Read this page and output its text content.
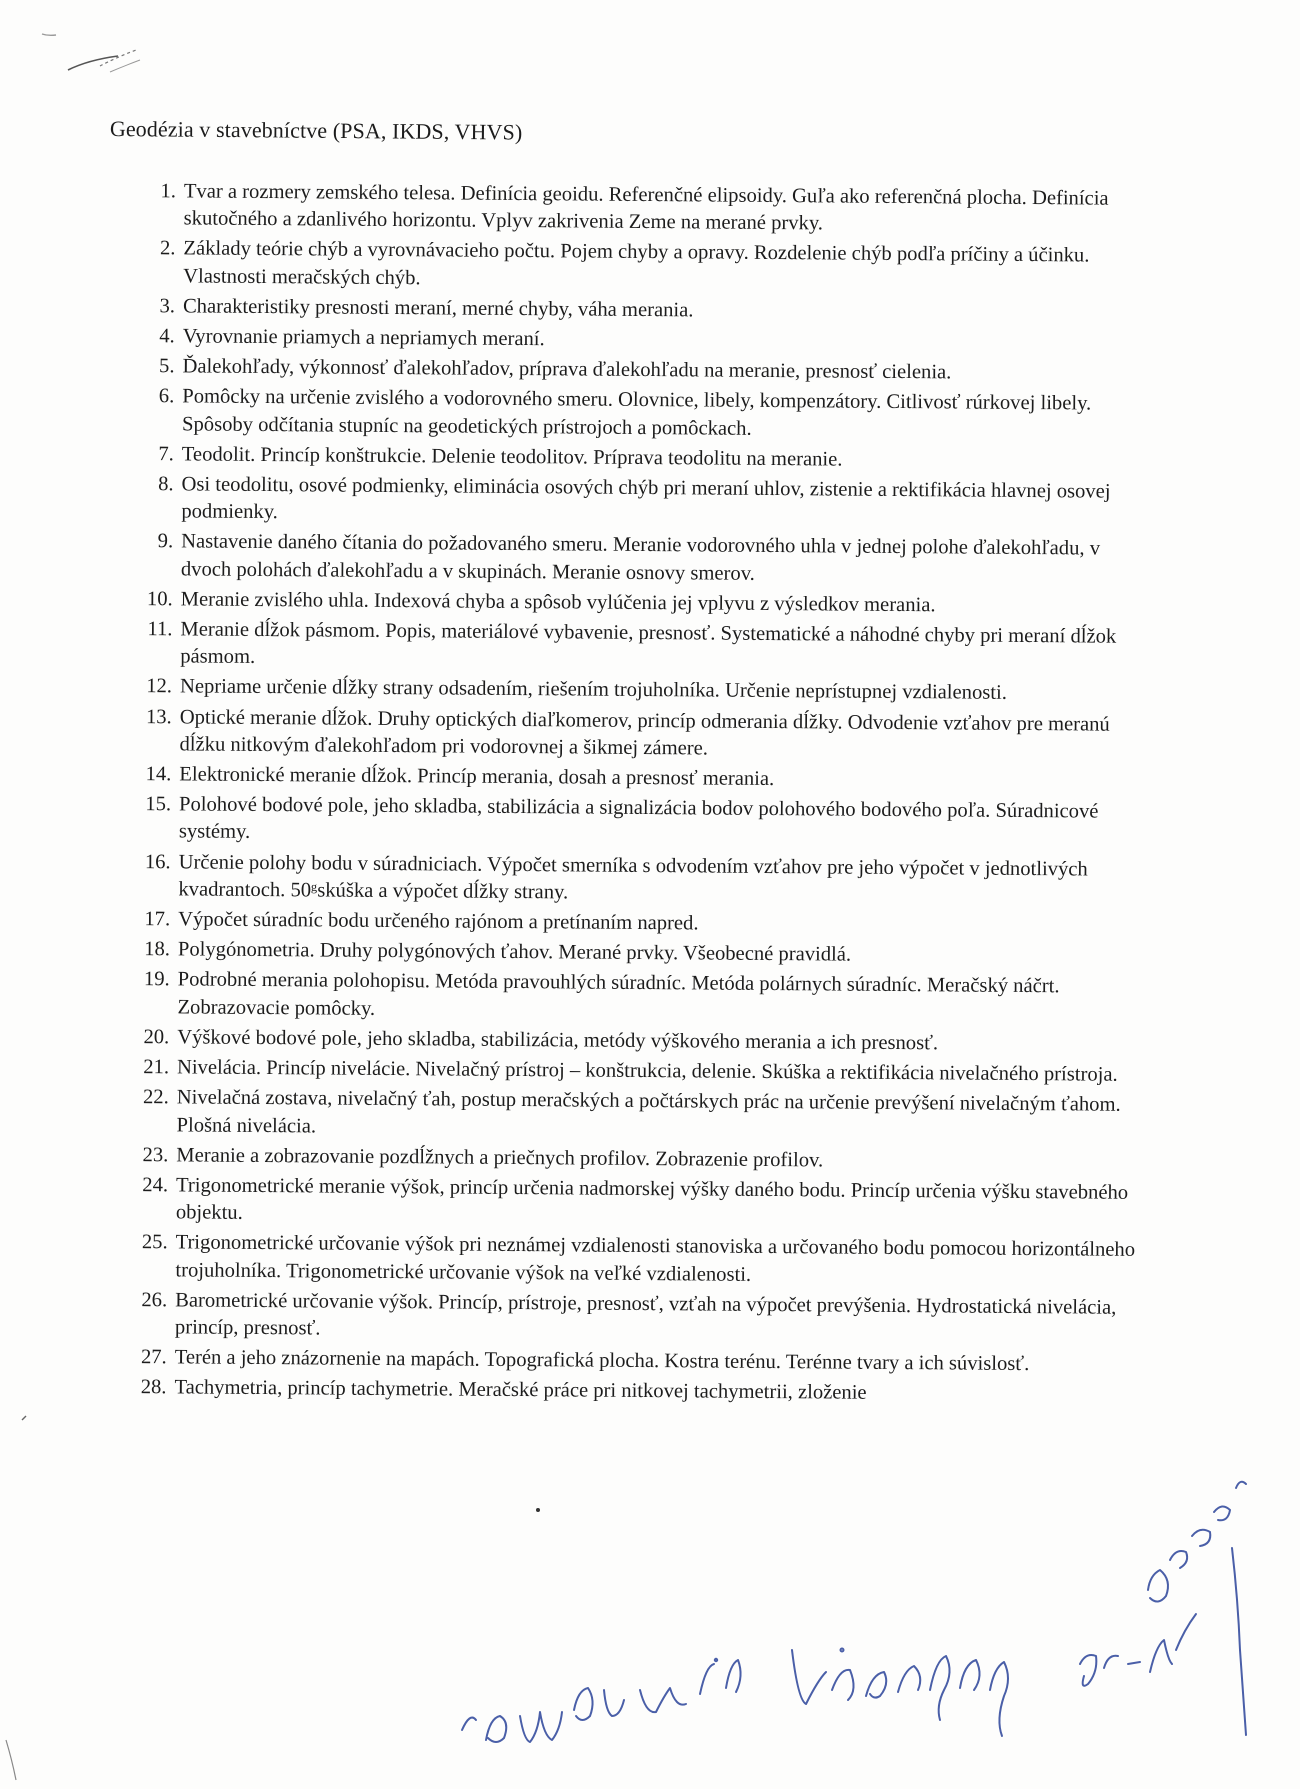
Geodézia v stavebníctve (PSA, IKDS, VHVS)
1. Tvar a rozmery zemského telesa. Definícia geoidu. Referenčné elipsoidy. Guľa ako referenčná plocha. Definícia skutočného a zdanlivého horizontu. Vplyv zakrivenia Zeme na merané prvky.
2. Základy teórie chýb a vyrovnávacieho počtu. Pojem chyby a opravy. Rozdelenie chýb podľa príčiny a účinku. Vlastnosti meračských chýb.
3. Charakteristiky presnosti meraní, merné chyby, váha merania.
4. Vyrovnanie priamych a nepriamych meraní.
5. Ďalekohľady, výkonnosť ďalekohľadov, príprava ďalekohľadu na meranie, presnosť cielenia.
6. Pomôcky na určenie zvislého a vodorovného smeru. Olovnice, libely, kompenzátory. Citlivosť rúrkovej libely. Spôsoby odčítania stupníc na geodetických prístrojoch a pomôckach.
7. Teodolit. Princíp konštrukcie. Delenie teodolitov. Príprava teodolitu na meranie.
8. Osi teodolitu, osové podmienky, eliminácia osových chýb pri meraní uhlov, zistenie a rektifikácia hlavnej osovej podmienky.
9. Nastavenie daného čítania do požadovaného smeru. Meranie vodorovného uhla v jednej polohe ďalekohľadu, v dvoch polohách ďalekohľadu a v skupinách. Meranie osnovy smerov.
10. Meranie zvislého uhla. Indexová chyba a spôsob vylúčenia jej vplyvu z výsledkov merania.
11. Meranie dĺžok pásmom. Popis, materiálové vybavenie, presnosť. Systematické a náhodné chyby pri meraní dĺžok pásmom.
12. Nepriame určenie dĺžky strany odsadením, riešením trojuholníka. Určenie neprístupnej vzdialenosti.
13. Optické meranie dĺžok. Druhy optických diaľkomerov, princíp odmerania dĺžky. Odvodenie vzťahov pre meranú dĺžku nitkovým ďalekohľadom pri vodorovnej a šikmej zámere.
14. Elektronické meranie dĺžok. Princíp merania, dosah a presnosť merania.
15. Polohové bodové pole, jeho skladba, stabilizácia a signalizácia bodov polohového bodového poľa. Súradnicové systémy.
16. Určenie polohy bodu v súradniciach. Výpočet smerníka s odvodením vzťahov pre jeho výpočet v jednotlivých kvadrantoch. 50ᵍskúška a výpočet dĺžky strany.
17. Výpočet súradníc bodu určeného rajónom a pretínaním napred.
18. Polygónometria. Druhy polygónových ťahov. Merané prvky. Všeobecné pravidlá.
19. Podrobné merania polohopisu. Metóda pravouhlých súradníc. Metóda polárnych súradníc. Meračský náčrt. Zobrazovacie pomôcky.
20. Výškové bodové pole, jeho skladba, stabilizácia, metódy výškového merania a ich presnosť.
21. Nivelácia. Princíp nivelácie. Nivelačný prístroj – konštrukcia, delenie. Skúška a rektifikácia nivelačného prístroja.
22. Nivelačná zostava, nivelačný ťah, postup meračských a počtárskych prác na určenie prevýšení nivelačným ťahom. Plošná nivelácia.
23. Meranie a zobrazovanie pozdĺžnych a priečnych profilov. Zobrazenie profilov.
24. Trigonometrické meranie výšok, princíp určenia nadmorskej výšky daného bodu. Princíp určenia výšku stavebného objektu.
25. Trigonometrické určovanie výšok pri neznámej vzdialenosti stanoviska a určovaného bodu pomocou horizontálneho trojuholníka. Trigonometrické určovanie výšok na veľké vzdialenosti.
26. Barometrické určovanie výšok. Princíp, prístroje, presnosť, vzťah na výpočet prevýšenia. Hydrostatická nivelácia, princíp, presnosť.
27. Terén a jeho znázornenie na mapách. Topografická plocha. Kostra terénu. Terénne tvary a ich súvislosť.
28. Tachymetria, princíp tachymetrie. Meračské práce pri nitkovej tachymetrii, zloženie
